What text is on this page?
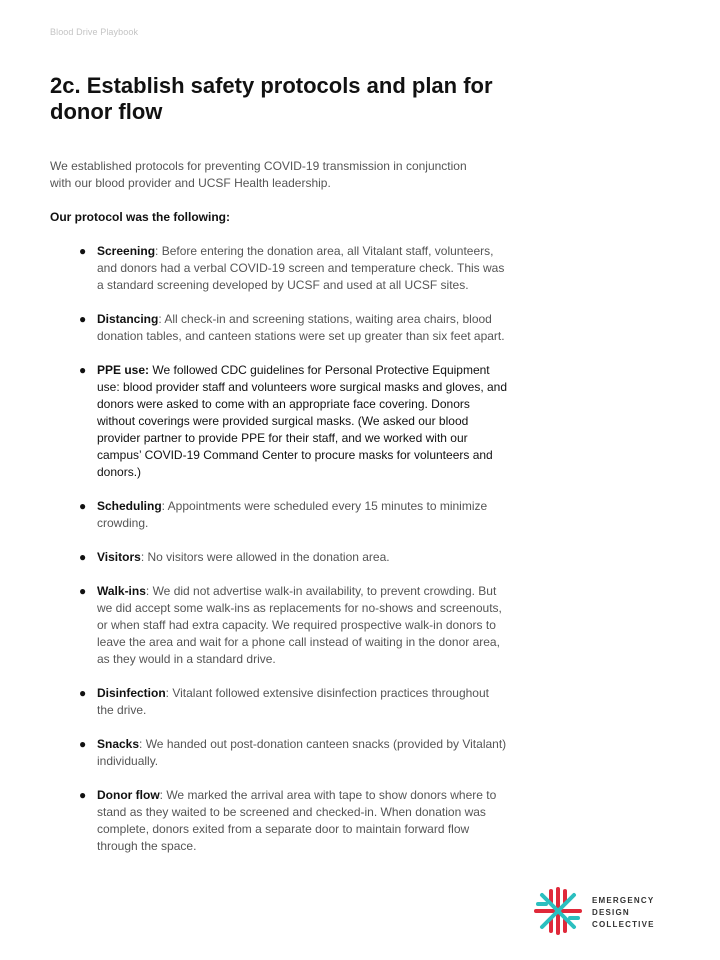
Blood Drive Playbook
2c. Establish safety protocols and plan for donor flow

We established protocols for preventing COVID-19 transmission in conjunction with our blood provider and UCSF Health leadership.

Our protocol was the following:

● Screening: Before entering the donation area, all Vitalant staff, volunteers, and donors had a verbal COVID-19 screen and temperature check. This was a standard screening developed by UCSF and used at all UCSF sites.
● Distancing: All check-in and screening stations, waiting area chairs, blood donation tables, and canteen stations were set up greater than six feet apart.
● PPE use: We followed CDC guidelines for Personal Protective Equipment use: blood provider staff and volunteers wore surgical masks and gloves, and donors were asked to come with an appropriate face covering. Donors without coverings were provided surgical masks. (We asked our blood provider partner to provide PPE for their staff, and we worked with our campus’ COVID-19 Command Center to procure masks for volunteers and donors.)
● Scheduling: Appointments were scheduled every 15 minutes to minimize crowding.
● Visitors: No visitors were allowed in the donation area.
● Walk-ins: We did not advertise walk-in availability, to prevent crowding. But we did accept some walk-ins as replacements for no-shows and screenouts, or when staff had extra capacity. We required prospective walk-in donors to leave the area and wait for a phone call instead of waiting in the donor area, as they would in a standard drive.
● Disinfection: Vitalant followed extensive disinfection practices throughout the drive.
● Snacks: We handed out post-donation canteen snacks (provided by Vitalant) individually.
● Donor flow: We marked the arrival area with tape to show donors where to stand as they waited to be screened and checked-in. When donation was complete, donors exited from a separate door to maintain forward flow through the space.
EMERGENCY
DESIGN
COLLECTIVE
